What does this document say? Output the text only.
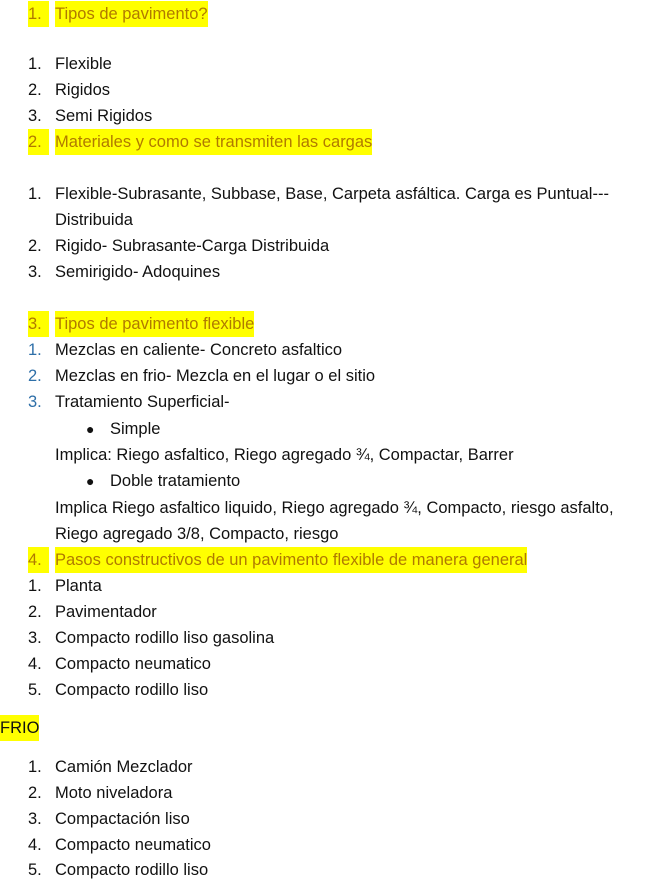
1. Tipos de pavimento?
1. Flexible
2. Rigidos
3. Semi Rigidos
2. Materiales y como se transmiten las cargas
1. Flexible-Subrasante, Subbase, Base, Carpeta asfáltica. Carga es Puntual---
Distribuida
2. Rigido- Subrasante-Carga Distribuida
3. Semirigido- Adoquines
3. Tipos de pavimento flexible
1. Mezclas en caliente- Concreto asfaltico
2. Mezclas en frio- Mezcla en el lugar o el sitio
3. Tratamiento Superficial-
● Simple
Implica: Riego asfaltico, Riego agregado ¾, Compactar, Barrer
● Doble tratamiento
Implica Riego asfaltico liquido, Riego agregado ¾, Compacto, riesgo asfalto,
Riego agregado 3/8, Compacto, riesgo
4. Pasos constructivos de un pavimento flexible de manera general
1. Planta
2. Pavimentador
3. Compacto rodillo liso gasolina
4. Compacto neumatico
5. Compacto rodillo liso
FRIO
1. Camión Mezclador
2. Moto niveladora
3. Compactación liso
4. Compacto neumatico
5. Compacto rodillo liso
